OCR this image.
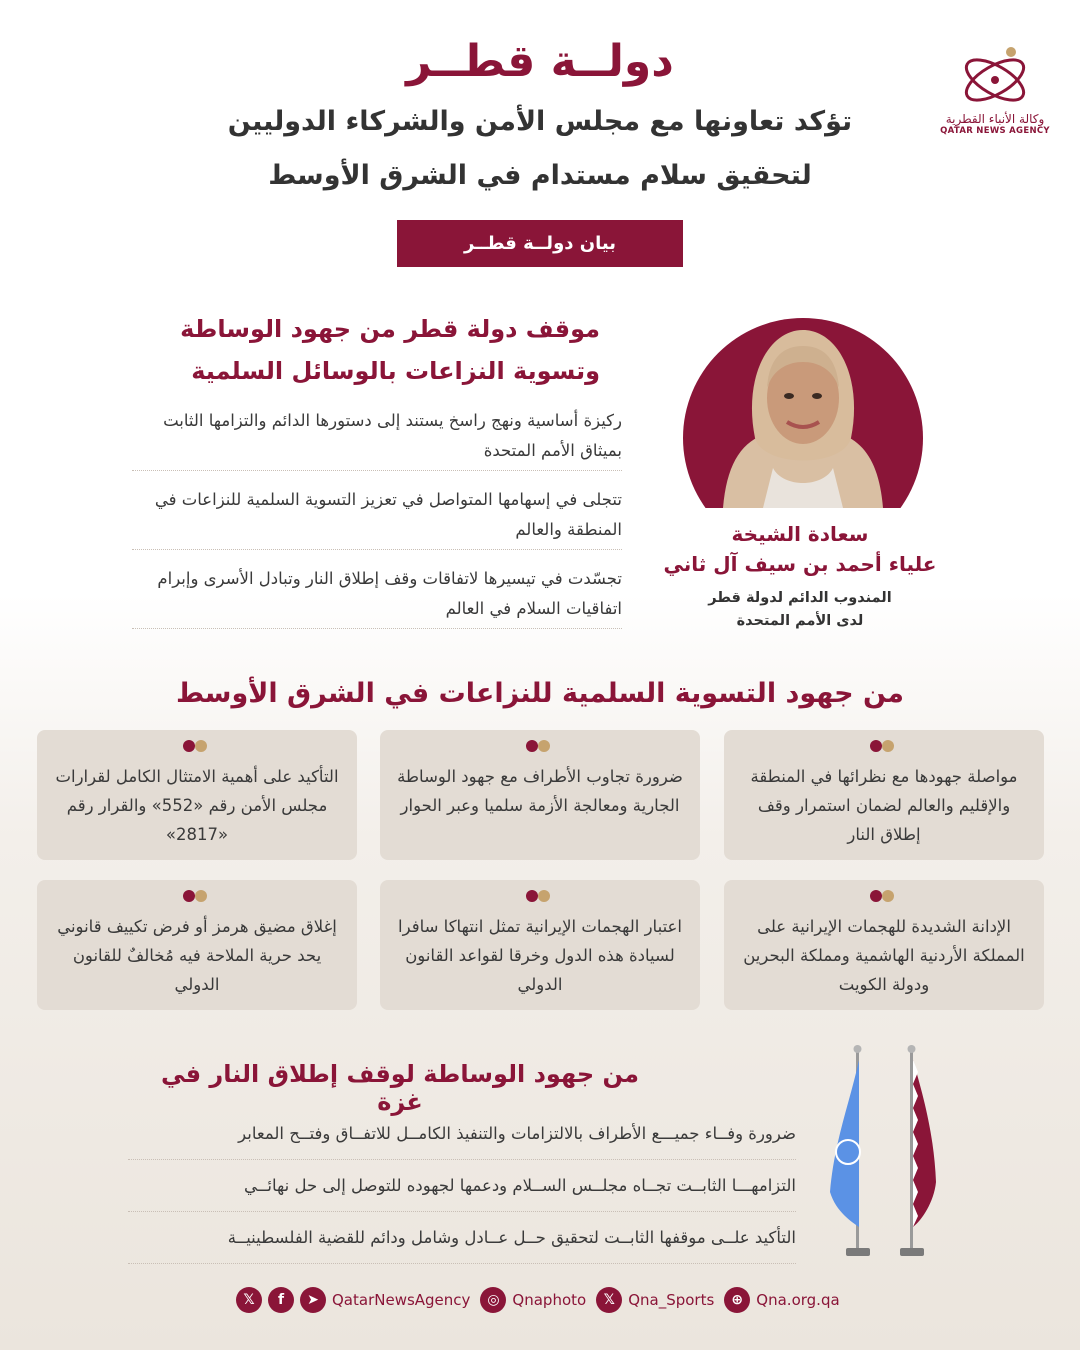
وكالة الأنباء القطرية
QATAR NEWS AGENCY
دولــة قطــر
تؤكد تعاونها مع مجلس الأمن والشركاء الدوليين
لتحقيق سلام مستدام في الشرق الأوسط
بيان دولــة قطــر
موقف دولة قطر من جهود الوساطة
وتسوية النزاعات بالوسائل السلمية
ركيزة أساسية ونهج راسخ يستند إلى دستورها الدائم والتزامها الثابت بميثاق الأمم المتحدة
تتجلى في إسهامها المتواصل في تعزيز التسوية السلمية للنزاعات في المنطقة والعالم
تجسّدت في تيسيرها لاتفاقات وقف إطلاق النار وتبادل الأسرى وإبرام اتفاقيات السلام في العالم
سعادة الشيخة
علياء أحمد بن سيف آل ثاني
المندوب الدائم لدولة قطر
لدى الأمم المتحدة
من جهود التسوية السلمية للنزاعات في الشرق الأوسط
مواصلة جهودها مع نظرائها في المنطقة والإقليم والعالم لضمان استمرار وقف إطلاق النار
ضرورة تجاوب الأطراف مع جهود الوساطة الجارية ومعالجة الأزمة سلميا وعبر الحوار
التأكيد على أهمية الامتثال الكامل لقرارات مجلس الأمن رقم «552» والقرار رقم «2817»
الإدانة الشديدة للهجمات الإيرانية على المملكة الأردنية الهاشمية ومملكة البحرين ودولة الكويت
اعتبار الهجمات الإيرانية تمثل انتهاكا سافرا لسيادة هذه الدول وخرقا لقواعد القانون الدولي
إغلاق مضيق هرمز أو فرض تكييف قانوني يحد حرية الملاحة فيه مُخالفٌ للقانون الدولي
من جهود الوساطة لوقف إطلاق النار في غزة
ضرورة وفــاء جميـــع الأطراف بالالتزامات والتنفيذ الكامــل للاتفــاق وفتــح المعابر
التزامهـــا الثابــت تجــاه مجلــس الســلام ودعمها لجهوده للتوصل إلى حل نهائــي
التأكيد علــى موقفها الثابــت لتحقيق حــل عــادل وشامل ودائم للقضية الفلسطينيــة
𝕏	f	➤ QatarNewsAgency	◎ Qnaphoto	𝕏 Qna_Sports	⊕ Qna.org.qa
